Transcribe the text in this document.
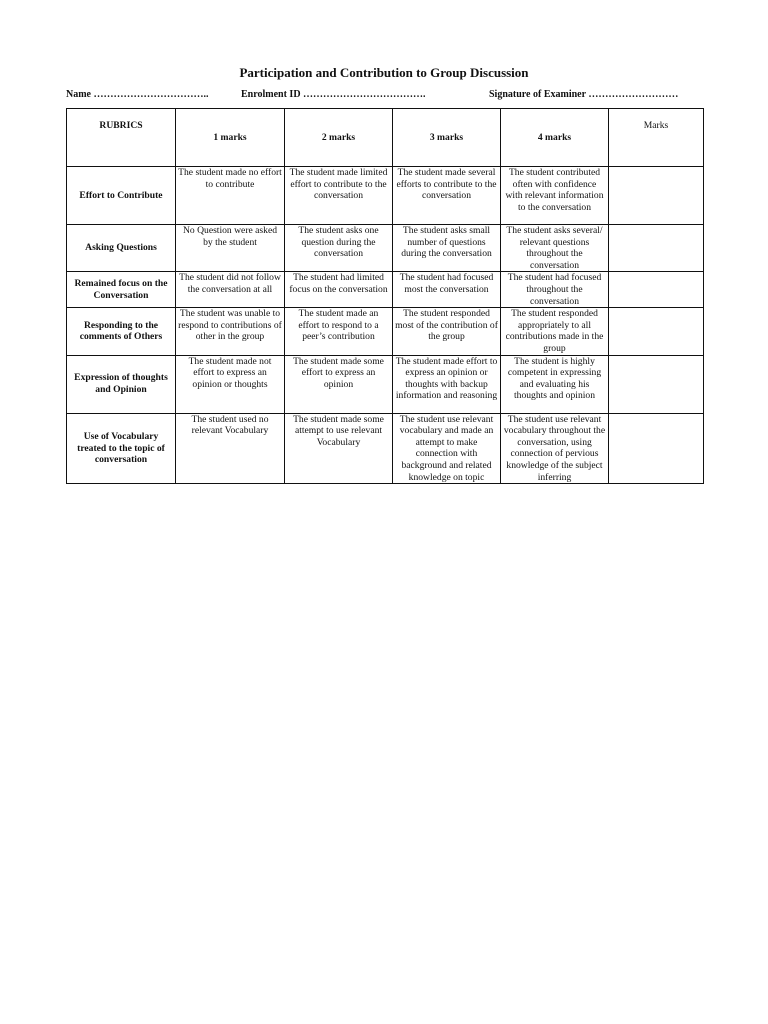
Participation and Contribution to Group Discussion
Name ……………………………..	Enrolment ID ……………………………….	Signature of Examiner ………………………
RUBRICS	1 marks	2 marks	3 marks	4 marks	Marks
Effort to Contribute	The student made no effort to contribute	The student made limited effort to contribute to the conversation	The student made several efforts to contribute to the conversation	The student contributed often with confidence with relevant information to the conversation	
Asking Questions	No Question were asked by the student	The student asks one question during the conversation	The student asks small number of questions during the conversation	The student asks several/ relevant questions throughout the conversation	
Remained focus on the Conversation	The student did not follow the conversation at all	The student had limited focus on the conversation	The student had focused most the conversation	The student had focused throughout the conversation	
Responding to the comments of Others	The student was unable to respond to contributions of other in the group	The student made an effort to respond to a peer’s contribution	The student responded most of the contribution of the group	The student responded appropriately to all contributions made in the group	
Expression of thoughts and Opinion	The student made not effort to express an opinion or thoughts	The student made some effort to express an opinion	The student made effort to express an opinion or thoughts with backup information and reasoning	The student is highly competent in expressing and evaluating his thoughts and opinion	
Use of Vocabulary treated to the topic of conversation	The student used no relevant Vocabulary	The student made some attempt to use relevant Vocabulary	The student use relevant vocabulary and made an attempt to make connection with background and related knowledge on topic	The student use relevant vocabulary throughout the conversation, using connection of pervious knowledge of the subject inferring	
